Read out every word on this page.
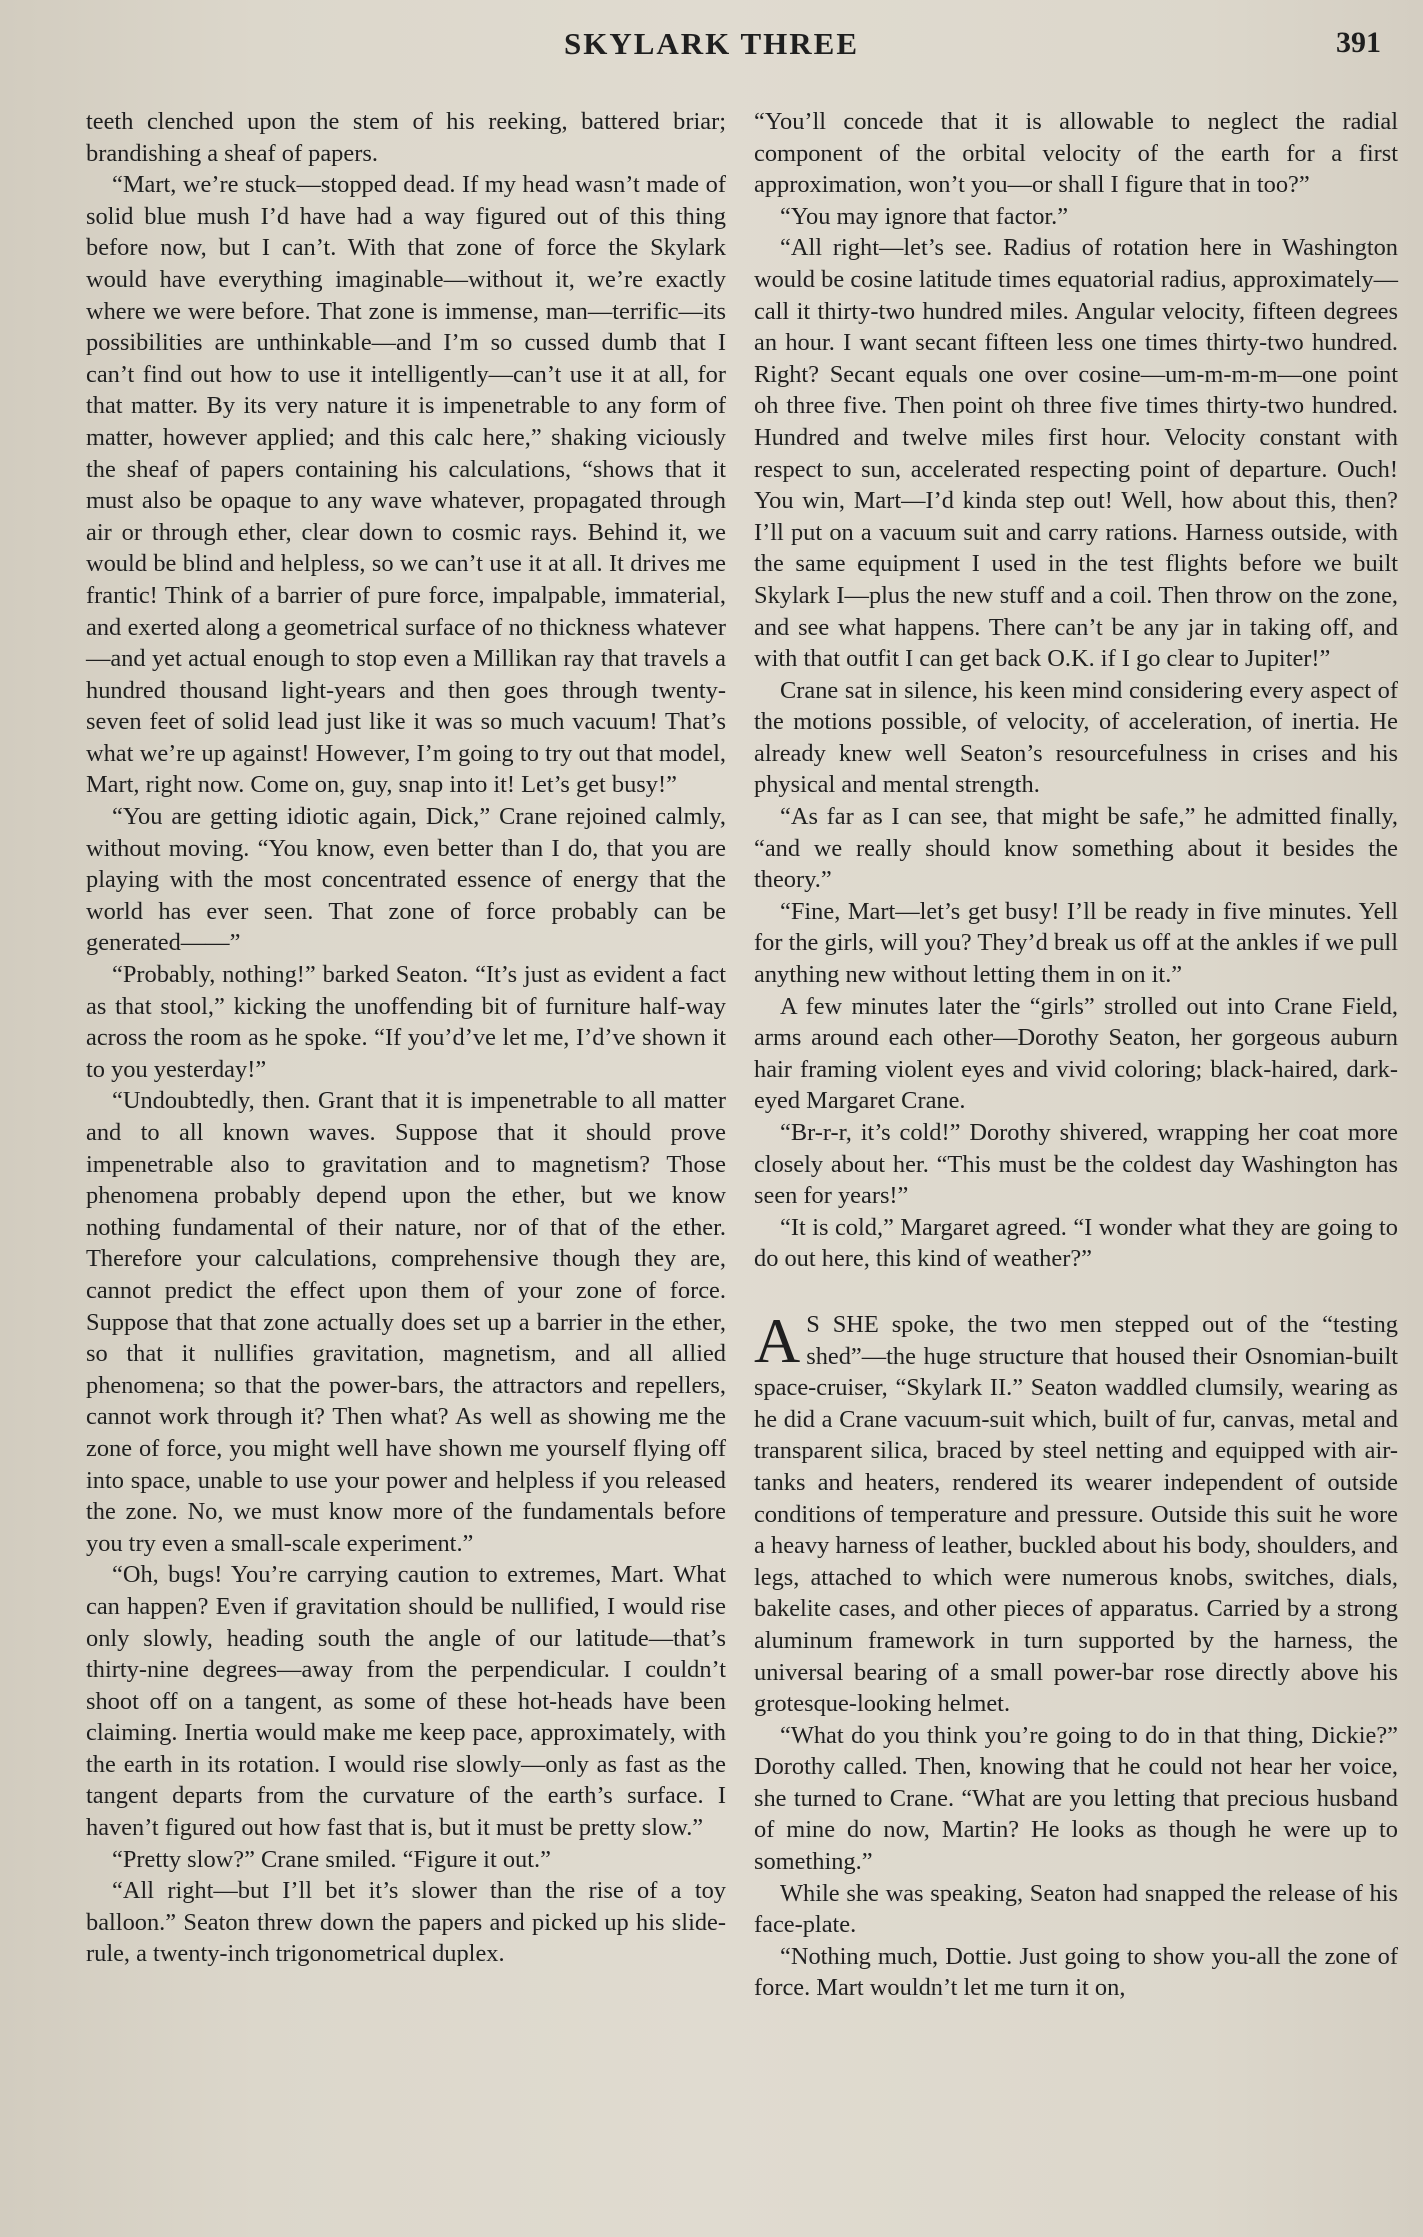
SKYLARK THREE	391

teeth clenched upon the stem of his reeking, battered briar; brandishing a sheaf of papers.

“Mart, we’re stuck—stopped dead. If my head wasn’t made of solid blue mush I’d have had a way figured out of this thing before now, but I can’t. With that zone of force the Skylark would have everything imaginable—without it, we’re exactly where we were before. That zone is immense, man—terrific—its possibilities are unthinkable—and I’m so cussed dumb that I can’t find out how to use it intelligently—can’t use it at all, for that matter. By its very nature it is impenetrable to any form of matter, however applied; and this calc here,” shaking viciously the sheaf of papers containing his calculations, “shows that it must also be opaque to any wave whatever, propagated through air or through ether, clear down to cosmic rays. Behind it, we would be blind and helpless, so we can’t use it at all. It drives me frantic! Think of a barrier of pure force, impalpable, immaterial, and exerted along a geometrical surface of no thickness whatever—and yet actual enough to stop even a Millikan ray that travels a hundred thousand light-years and then goes through twenty-seven feet of solid lead just like it was so much vacuum! That’s what we’re up against! However, I’m going to try out that model, Mart, right now. Come on, guy, snap into it! Let’s get busy!”

“You are getting idiotic again, Dick,” Crane rejoined calmly, without moving. “You know, even better than I do, that you are playing with the most concentrated essence of energy that the world has ever seen. That zone of force probably can be generated——”

“Probably, nothing!” barked Seaton. “It’s just as evident a fact as that stool,” kicking the unoffending bit of furniture half-way across the room as he spoke. “If you’d’ve let me, I’d’ve shown it to you yesterday!”

“Undoubtedly, then. Grant that it is impenetrable to all matter and to all known waves. Suppose that it should prove impenetrable also to gravitation and to magnetism? Those phenomena probably depend upon the ether, but we know nothing fundamental of their nature, nor of that of the ether. Therefore your calculations, comprehensive though they are, cannot predict the effect upon them of your zone of force. Suppose that that zone actually does set up a barrier in the ether, so that it nullifies gravitation, magnetism, and all allied phenomena; so that the power-bars, the attractors and repellers, cannot work through it? Then what? As well as showing me the zone of force, you might well have shown me yourself flying off into space, unable to use your power and helpless if you released the zone. No, we must know more of the fundamentals before you try even a small-scale experiment.”

“Oh, bugs! You’re carrying caution to extremes, Mart. What can happen? Even if gravitation should be nullified, I would rise only slowly, heading south the angle of our latitude—that’s thirty-nine degrees—away from the perpendicular. I couldn’t shoot off on a tangent, as some of these hot-heads have been claiming. Inertia would make me keep pace, approximately, with the earth in its rotation. I would rise slowly—only as fast as the tangent departs from the curvature of the earth’s surface. I haven’t figured out how fast that is, but it must be pretty slow.”

“Pretty slow?” Crane smiled. “Figure it out.”

“All right—but I’ll bet it’s slower than the rise of a toy balloon.” Seaton threw down the papers and picked up his slide-rule, a twenty-inch trigonometrical duplex.

“You’ll concede that it is allowable to neglect the radial component of the orbital velocity of the earth for a first approximation, won’t you—or shall I figure that in too?”

“You may ignore that factor.”

“All right—let’s see. Radius of rotation here in Washington would be cosine latitude times equatorial radius, approximately—call it thirty-two hundred miles. Angular velocity, fifteen degrees an hour. I want secant fifteen less one times thirty-two hundred. Right? Secant equals one over cosine—um-m-m-m—one point oh three five. Then point oh three five times thirty-two hundred. Hundred and twelve miles first hour. Velocity constant with respect to sun, accelerated respecting point of departure. Ouch! You win, Mart—I’d kinda step out! Well, how about this, then? I’ll put on a vacuum suit and carry rations. Harness outside, with the same equipment I used in the test flights before we built Skylark I—plus the new stuff and a coil. Then throw on the zone, and see what happens. There can’t be any jar in taking off, and with that outfit I can get back O.K. if I go clear to Jupiter!”

Crane sat in silence, his keen mind considering every aspect of the motions possible, of velocity, of acceleration, of inertia. He already knew well Seaton’s resourcefulness in crises and his physical and mental strength.

“As far as I can see, that might be safe,” he admitted finally, “and we really should know something about it besides the theory.”

“Fine, Mart—let’s get busy! I’ll be ready in five minutes. Yell for the girls, will you? They’d break us off at the ankles if we pull anything new without letting them in on it.”

A few minutes later the “girls” strolled out into Crane Field, arms around each other—Dorothy Seaton, her gorgeous auburn hair framing violent eyes and vivid coloring; black-haired, dark-eyed Margaret Crane.

“Br-r-r, it’s cold!” Dorothy shivered, wrapping her coat more closely about her. “This must be the coldest day Washington has seen for years!”

“It is cold,” Margaret agreed. “I wonder what they are going to do out here, this kind of weather?”

A S SHE spoke, the two men stepped out of the “testing shed”—the huge structure that housed their Osnomian-built space-cruiser, “Skylark II.” Seaton waddled clumsily, wearing as he did a Crane vacuum-suit which, built of fur, canvas, metal and transparent silica, braced by steel netting and equipped with air-tanks and heaters, rendered its wearer independent of outside conditions of temperature and pressure. Outside this suit he wore a heavy harness of leather, buckled about his body, shoulders, and legs, attached to which were numerous knobs, switches, dials, bakelite cases, and other pieces of apparatus. Carried by a strong aluminum framework in turn supported by the harness, the universal bearing of a small power-bar rose directly above his grotesque-looking helmet.

“What do you think you’re going to do in that thing, Dickie?” Dorothy called. Then, knowing that he could not hear her voice, she turned to Crane. “What are you letting that precious husband of mine do now, Martin? He looks as though he were up to something.”

While she was speaking, Seaton had snapped the release of his face-plate.

“Nothing much, Dottie. Just going to show you-all the zone of force. Mart wouldn’t let me turn it on,
